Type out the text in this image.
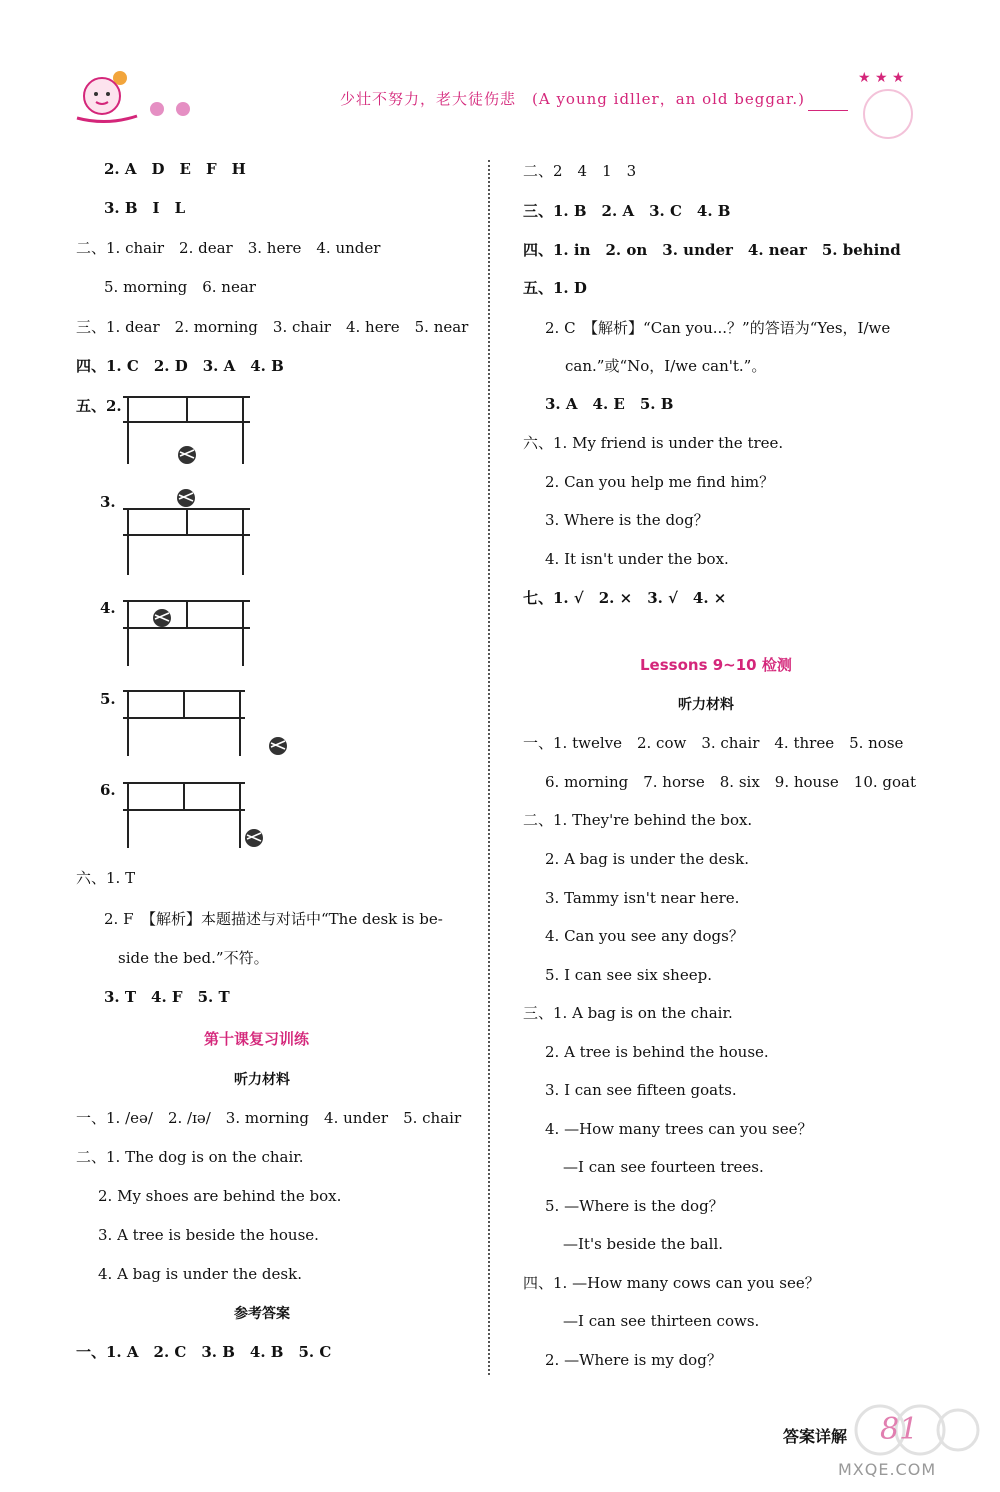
少壮不努力，老大徒伤悲　(A young idller，an old beggar.)
★ ★ ★
2. A　D　E　F　H
3. B　I　L
二、1. chair　2. dear　3. here　4. under
5. morning　6. near
三、1. dear　2. morning　3. chair　4. here　5. near
四、1. C　2. D　3. A　4. B
五、2.
3.
4.
5.
6.
六、1. T
2. F　【解析】本题描述与对话中“The desk is be-
side the bed.”不符。
3. T　4. F　5. T
第十课复习训练
听力材料
一、1. /eə/　2. /ɪə/　3. morning　4. under　5. chair
二、1. The dog is on the chair.
2. My shoes are behind the box.
3. A tree is beside the house.
4. A bag is under the desk.
参考答案
一、1. A　2. C　3. B　4. B　5. C
二、2　4　1　3
三、1. B　2. A　3. C　4. B
四、1. in　2. on　3. under　4. near　5. behind
五、1. D
2. C　【解析】“Can you...？”的答语为“Yes，I/we
can.”或“No，I/we can't.”。
3. A　4. E　5. B
六、1. My friend is under the tree.
2. Can you help me find him？
3. Where is the dog？
4. It isn't under the box.
七、1. √　2. ×　3. √　4. ×
Lessons 9~10 检测
听力材料
一、1. twelve　2. cow　3. chair　4. three　5. nose
6. morning　7. horse　8. six　9. house　10. goat
二、1. They're behind the box.
2. A bag is under the desk.
3. Tammy isn't near here.
4. Can you see any dogs？
5. I can see six sheep.
三、1. A bag is on the chair.
2. A tree is behind the house.
3. I can see fifteen goats.
4. —How many trees can you see？
—I can see fourteen trees.
5. —Where is the dog？
—It's beside the ball.
四、1. —How many cows can you see？
—I can see thirteen cows.
2. —Where is my dog？
答案详解 81
MXQE.COM
